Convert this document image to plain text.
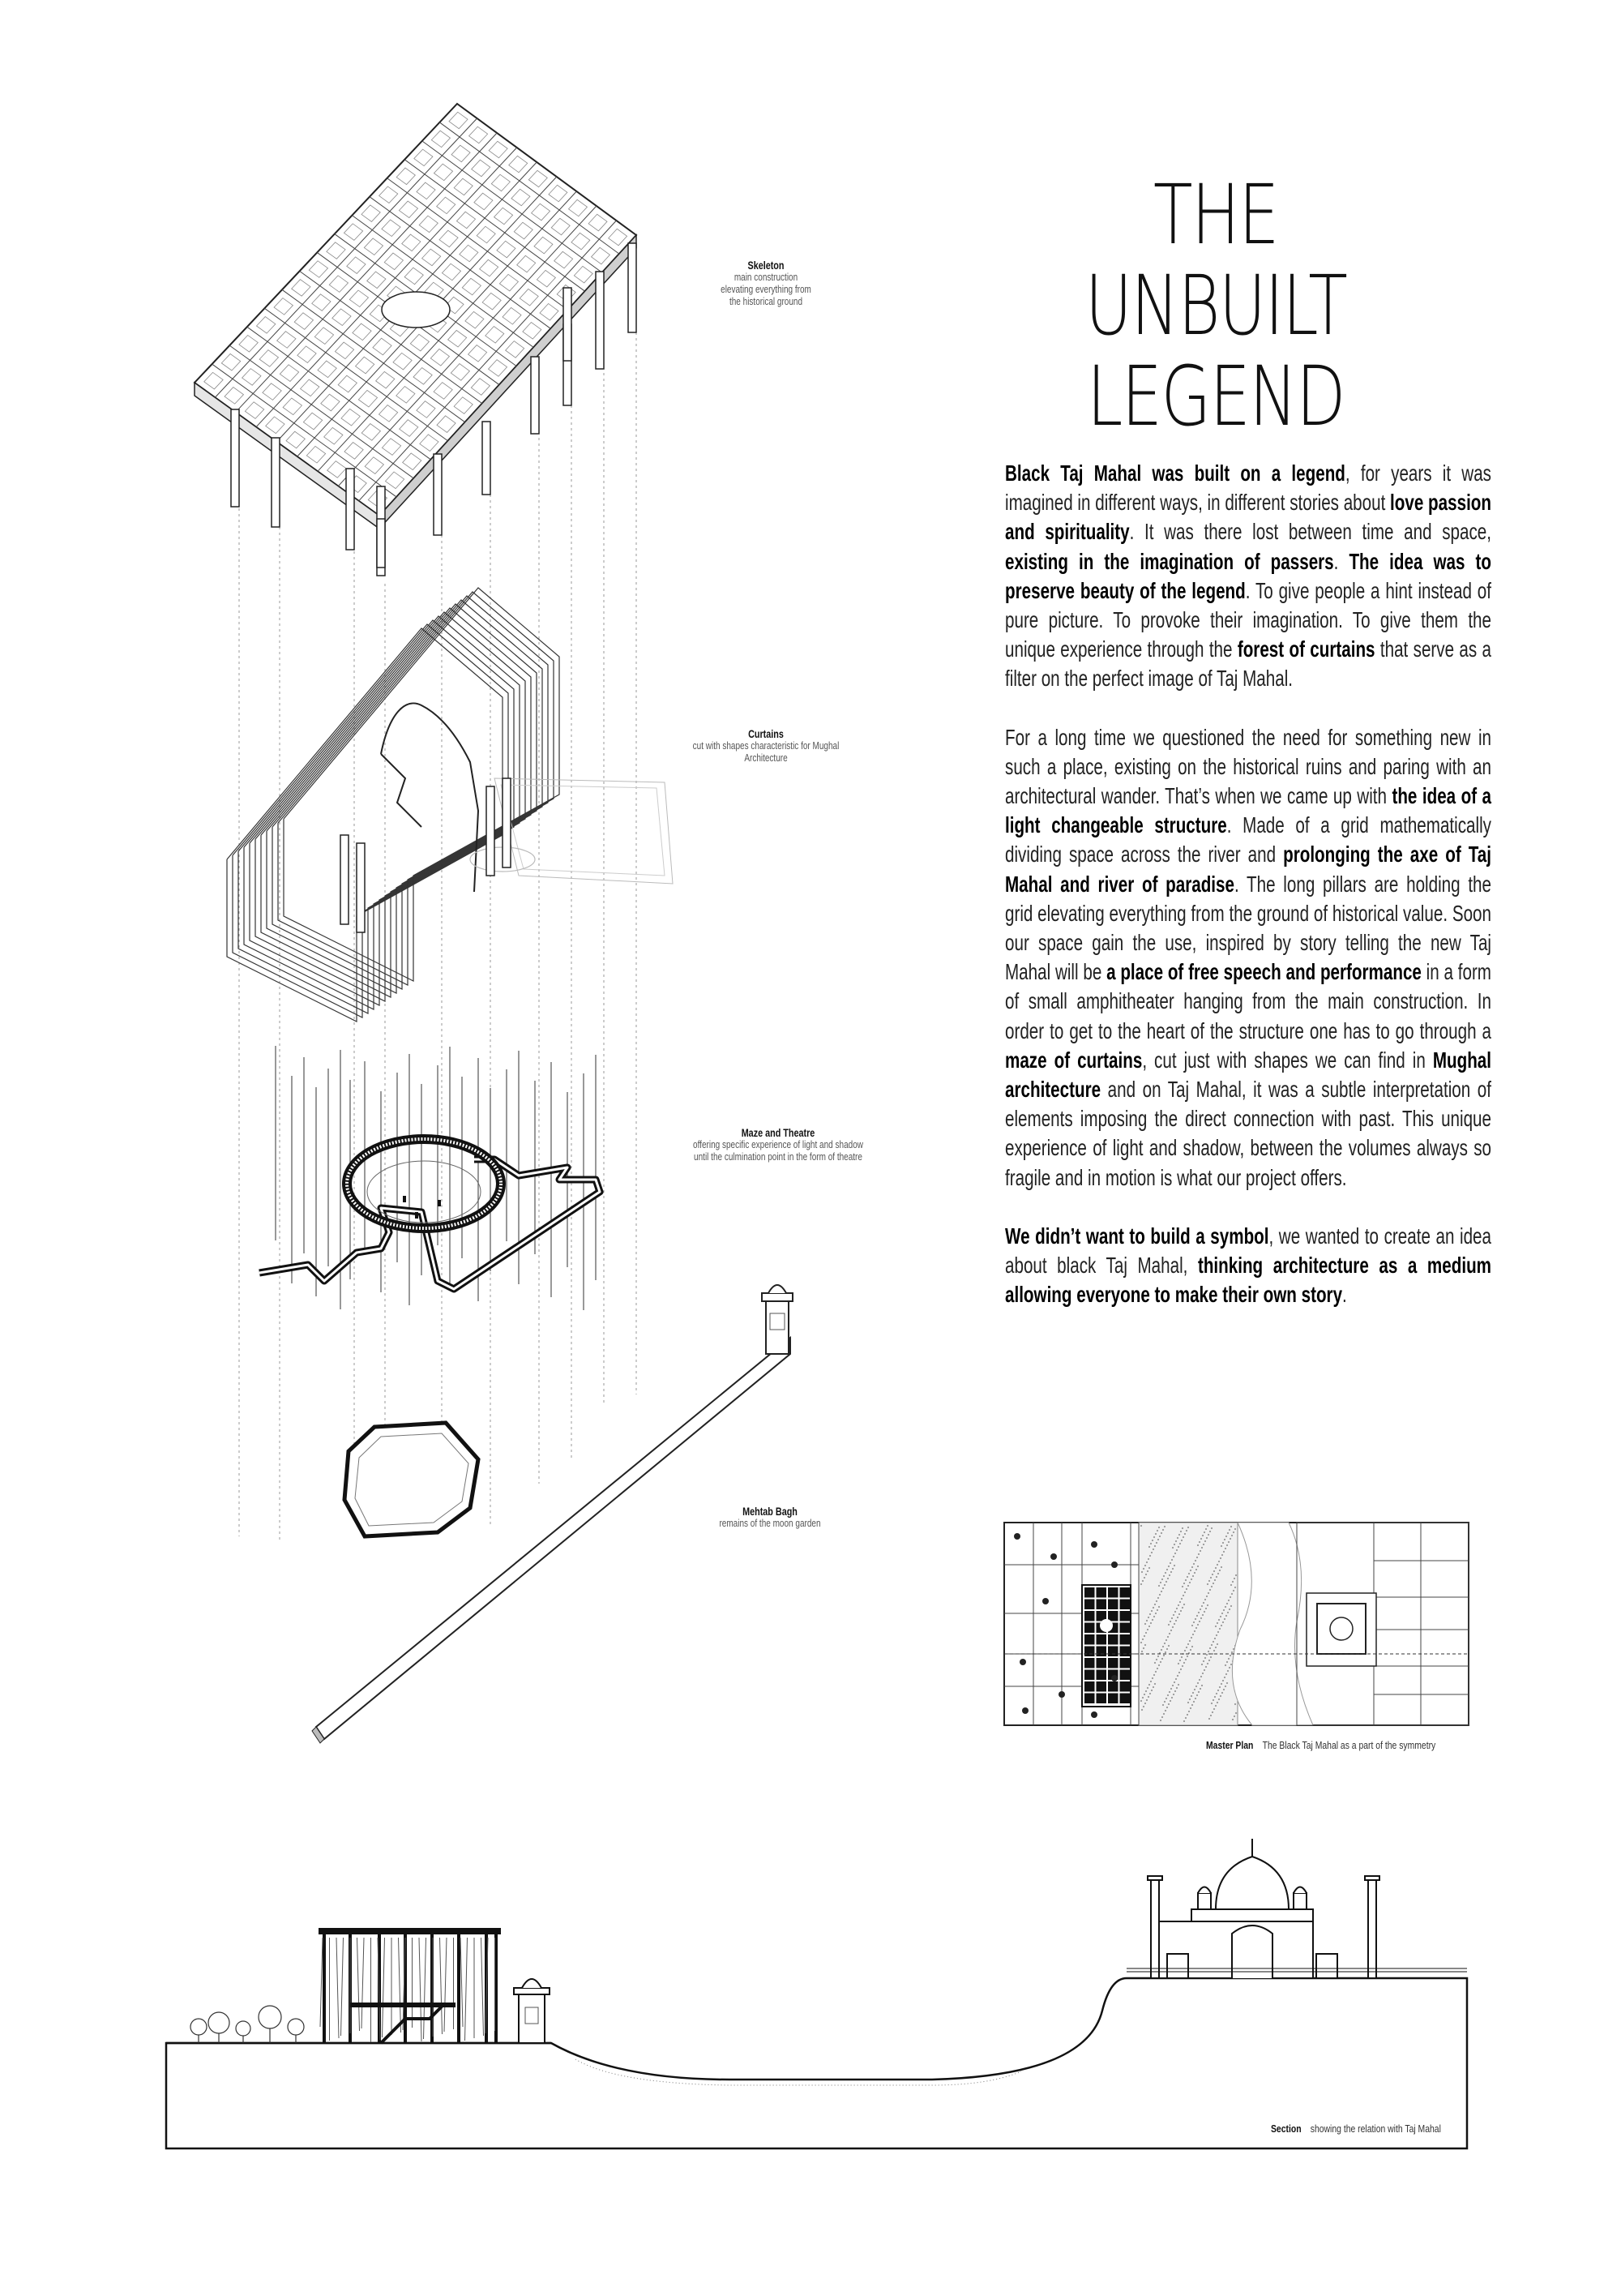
THE UNBUILT
LEGEND

Black Taj Mahal was built on a legend, for years it was imagined in different ways, in different stories about love passion and spirituality. It was there lost between time and space, existing in the imagination of passers. The idea was to preserve beauty of the legend. To give people a hint instead of pure picture. To provoke their imagination. To give them the unique experience through the forest of curtains that serve as a filter on the perfect image of Taj Mahal.

For a long time we questioned the need for something new in such a place, existing on the historical ruins and paring with an architectural wander. That’s when we came up with the idea of a light changeable structure. Made of a grid mathematically dividing space across the river and prolonging the axe of Taj Mahal and river of paradise. The long pillars are holding the grid elevating everything from the ground of historical value. Soon our space gain the use, inspired by story telling the new Taj Mahal will be a place of free speech and performance in a form of small amphitheater hanging from the main construction. In order to get to the heart of the structure one has to go through a maze of curtains, cut just with shapes we can find in Mughal architecture and on Taj Mahal, it was a subtle interpretation of elements imposing the direct connection with past. This unique experience of light and shadow, between the volumes always so fragile and in motion is what our project offers.

We didn’t want to build a symbol, we wanted to create an idea about black Taj Mahal, thinking architecture as a medium allowing everyone to make their own story.

Skeleton
main construction
elevating everything from
the historical ground
Curtains
cut with shapes characteristic for Mughal
Architecture
Maze and Theatre
offering specific experience of light and shadow
until the culmination point in the form of theatre
Mehtab Bagh
remains of the moon garden
Master Plan The Black Taj Mahal as a part of the symmetry
Section showing the relation with Taj Mahal
